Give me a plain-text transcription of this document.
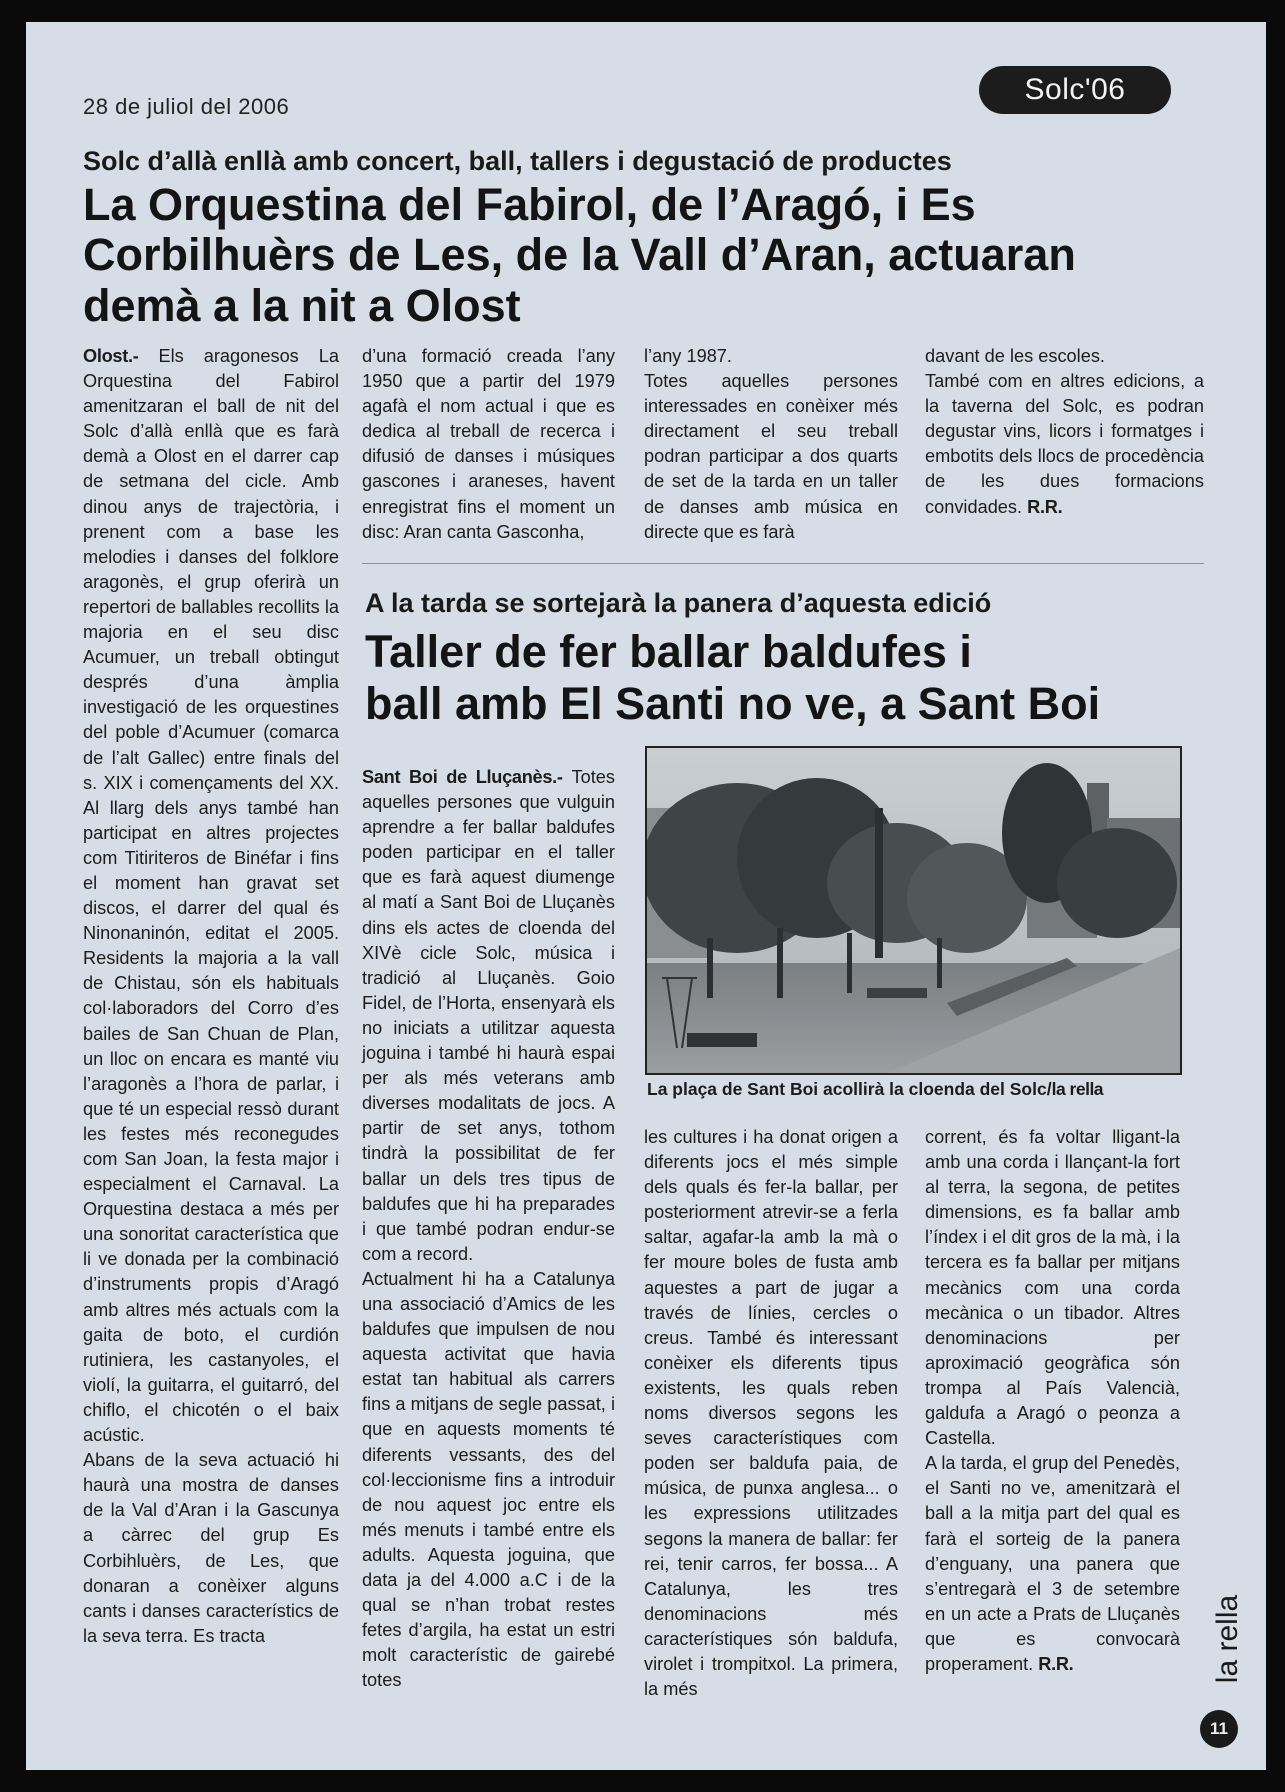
28 de juliol del 2006
Solc'06
Solc d’allà enllà amb concert, ball, tallers i degustació de productes
La Orquestina del Fabirol, de l’Aragó, i Es
Corbilhuèrs de Les, de la Vall d’Aran, actuaran
demà a la nit a Olost

Olost.- Els aragonesos La Orquestina del Fabirol amenitzaran el ball de nit del Solc d’allà enllà que es farà demà a Olost en el darrer cap de setmana del cicle. Amb dinou anys de trajectòria, i prenent com a base les melodies i danses del folklore aragonès, el grup oferirà un repertori de ballables recollits la majoria en el seu disc Acumuer, un treball obtingut després d’una àmplia investigació de les orquestines del poble d’Acumuer (comarca de l’alt Gallec) entre finals del s. XIX i començaments del XX. Al llarg dels anys també han participat en altres projectes com Titiriteros de Binéfar i fins el moment han gravat set discos, el darrer del qual és Ninonaninón, editat el 2005. Residents la majoria a la vall de Chistau, són els habituals col·laboradors del Corro d’es bailes de San Chuan de Plan, un lloc on encara es manté viu l’aragonès a l’hora de parlar, i que té un especial ressò durant les festes més reconegudes com San Joan, la festa major i especialment el Carnaval. La Orquestina destaca a més per una sonoritat característica que li ve donada per la combinació d’instruments propis d’Aragó amb altres més actuals com la gaita de boto, el curdión rutiniera, les castanyoles, el violí, la guitarra, el guitarró, del chiflo, el chicotén o el baix acústic.

Abans de la seva actuació hi haurà una mostra de danses de la Val d’Aran i la Gascunya a càrrec del grup Es Corbihluèrs, de Les, que donaran a conèixer alguns cants i danses característics de la seva terra. Es tracta

d’una formació creada l’any 1950 que a partir del 1979 agafà el nom actual i que es dedica al treball de recerca i difusió de danses i músiques gascones i araneses, havent enregistrat fins el moment un disc: Aran canta Gasconha,

l’any 1987.

Totes aquelles persones interessades en conèixer més directament el seu treball podran participar a dos quarts de set de la tarda en un taller de danses amb música en directe que es farà

davant de les escoles.

També com en altres edicions, a la taverna del Solc, es podran degustar vins, licors i formatges i embotits dels llocs de procedència de les dues formacions convidades. R.R.

A la tarda se sortejarà la panera d’aquesta edició
Taller de fer ballar baldufes i
ball amb El Santi no ve, a Sant Boi

Sant Boi de Lluçanès.- Totes aquelles persones que vulguin aprendre a fer ballar baldufes poden participar en el taller que es farà aquest diumenge al matí a Sant Boi de Lluçanès dins els actes de cloenda del XIVè cicle Solc, música i tradició al Lluçanès. Goio Fidel, de l’Horta, ensenyarà els no iniciats a utilitzar aquesta joguina i també hi haurà espai per als més veterans amb diverses modalitats de jocs. A partir de set anys, tothom tindrà la possibilitat de fer ballar un dels tres tipus de baldufes que hi ha preparades i que també podran endur-se com a record.

Actualment hi ha a Catalunya una associació d’Amics de les baldufes que impulsen de nou aquesta activitat que havia estat tan habitual als carrers fins a mitjans de segle passat, i que en aquests moments té diferents vessants, des del col·leccionisme fins a introduir de nou aquest joc entre els més menuts i també entre els adults. Aquesta joguina, que data ja del 4.000 a.C i de la qual se n’han trobat restes fetes d’argila, ha estat un estri molt característic de gairebé totes

La plaça de Sant Boi acollirà la cloenda del Solc/la rella

les cultures i ha donat origen a diferents jocs el més simple dels quals és fer-la ballar, per posteriorment atrevir-se a ferla saltar, agafar-la amb la mà o fer moure boles de fusta amb aquestes a part de jugar a través de línies, cercles o creus. També és interessant conèixer els diferents tipus existents, les quals reben noms diversos segons les seves característiques com poden ser baldufa paia, de música, de punxa anglesa... o les expressions utilitzades segons la manera de ballar: fer rei, tenir carros, fer bossa... A Catalunya, les tres denominacions més característiques són baldufa, virolet i trompitxol. La primera, la més

corrent, és fa voltar lligant-la amb una corda i llançant-la fort al terra, la segona, de petites dimensions, es fa ballar amb l’índex i el dit gros de la mà, i la tercera es fa ballar per mitjans mecànics com una corda mecànica o un tibador. Altres denominacions per aproximació geogràfica són trompa al País Valencià, galdufa a Aragó o peonza a Castella.

A la tarda, el grup del Penedès, el Santi no ve, amenitzarà el ball a la mitja part del qual es farà el sorteig de la panera d’enguany, una panera que s’entregarà el 3 de setembre en un acte a Prats de Lluçanès que es convocarà properament. R.R.	la rella
11
